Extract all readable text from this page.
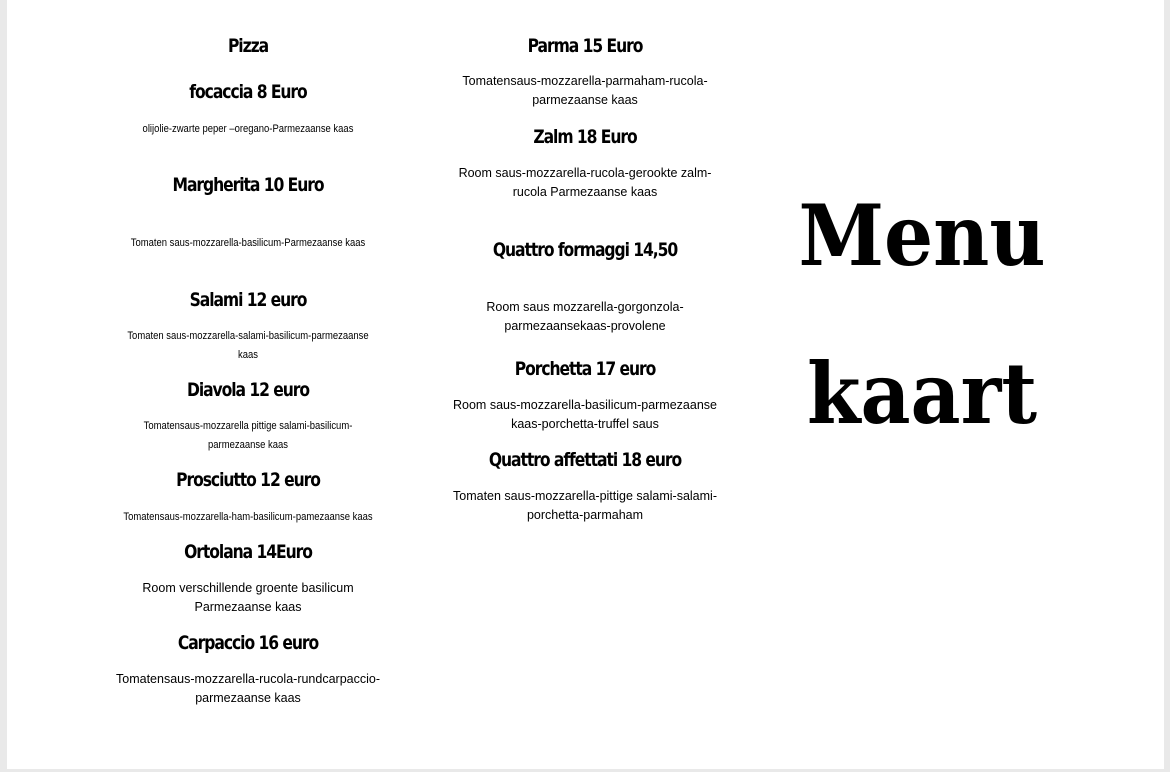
Pizza
focaccia 8 Euro
olijolie-zwarte peper –oregano-Parmezaanse kaas
Margherita 10 Euro
Tomaten saus-mozzarella-basilicum-Parmezaanse kaas
Salami 12 euro
Tomaten saus-mozzarella-salami-basilicum-parmezaanse kaas
Diavola 12 euro
Tomatensaus-mozzarella pittige salami-basilicum-parmezaanse kaas
Prosciutto 12 euro
Tomatensaus-mozzarella-ham-basilicum-pamezaanse kaas
Ortolana 14Euro
Room verschillende groente basilicum Parmezaanse kaas
Carpaccio 16 euro
Tomatensaus-mozzarella-rucola-rundcarpaccio-parmezaanse kaas
Parma 15 Euro
Tomatensaus-mozzarella-parmaham-rucola-parmezaanse kaas
Zalm 18 Euro
Room saus-mozzarella-rucola-gerookte zalm-rucola Parmezaanse kaas
Quattro formaggi 14,50
Room saus mozzarella-gorgonzola-parmezaansekaas-provolene
Porchetta 17 euro
Room saus-mozzarella-basilicum-parmezaanse kaas-porchetta-truffel saus
Quattro affettati 18 euro
Tomaten saus-mozzarella-pittige salami-salami-porchetta-parmaham
Menu
kaart
